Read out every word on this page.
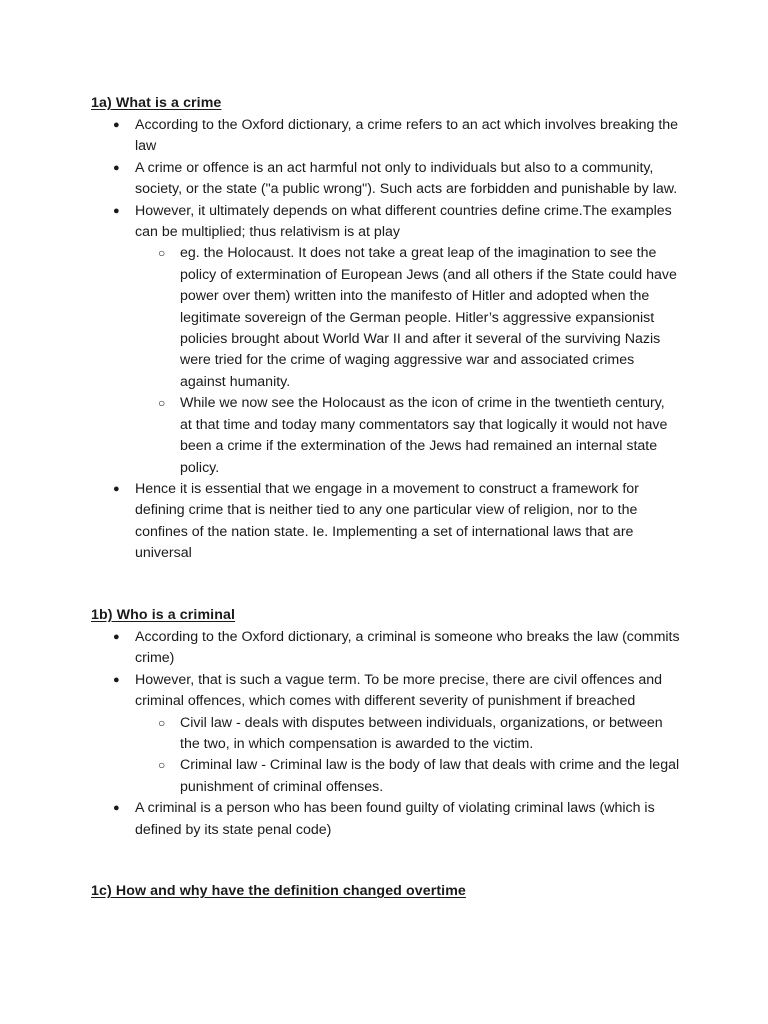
1a) What is a crime
● According to the Oxford dictionary, a crime refers to an act which involves breaking the law
● A crime or offence is an act harmful not only to individuals but also to a community, society, or the state ("a public wrong"). Such acts are forbidden and punishable by law.
● However, it ultimately depends on what different countries define crime.The examples can be multiplied; thus relativism is at play
○ eg. the Holocaust. It does not take a great leap of the imagination to see the policy of extermination of European Jews (and all others if the State could have power over them) written into the manifesto of Hitler and adopted when the legitimate sovereign of the German people. Hitler’s aggressive expansionist policies brought about World War II and after it several of the surviving Nazis were tried for the crime of waging aggressive war and associated crimes against humanity.
○ While we now see the Holocaust as the icon of crime in the twentieth century, at that time and today many commentators say that logically it would not have been a crime if the extermination of the Jews had remained an internal state policy.
● Hence it is essential that we engage in a movement to construct a framework for defining crime that is neither tied to any one particular view of religion, nor to the confines of the nation state. Ie. Implementing a set of international laws that are universal
1b) Who is a criminal
● According to the Oxford dictionary, a criminal is someone who breaks the law (commits crime)
● However, that is such a vague term. To be more precise, there are civil offences and criminal offences, which comes with different severity of punishment if breached
○ Civil law - deals with disputes between individuals, organizations, or between the two, in which compensation is awarded to the victim.
○ Criminal law - Criminal law is the body of law that deals with crime and the legal punishment of criminal offenses.
● A criminal is a person who has been found guilty of violating criminal laws (which is defined by its state penal code)
1c) How and why have the definition changed overtime
